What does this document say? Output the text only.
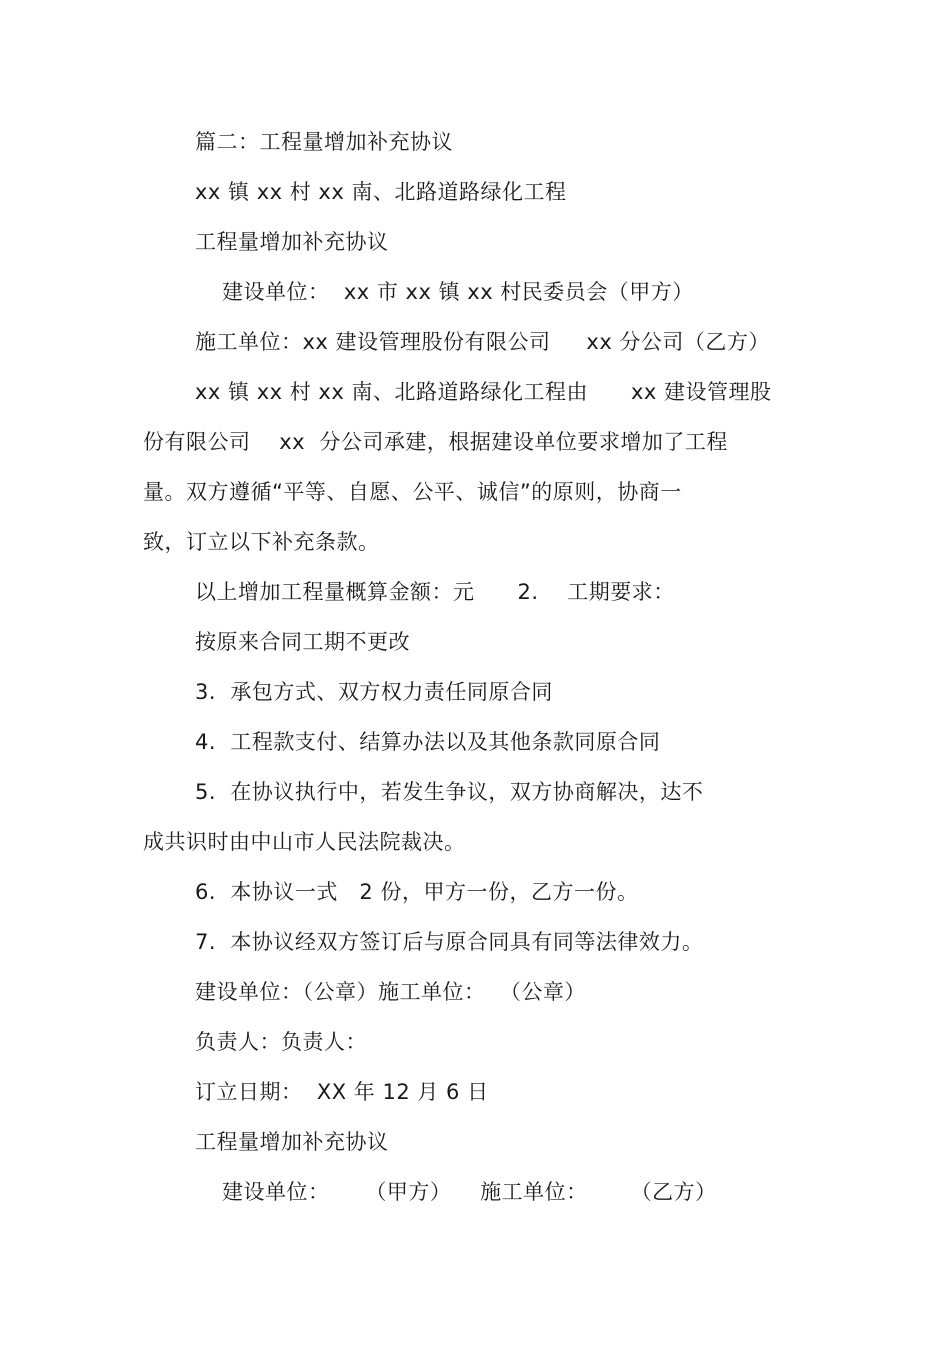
篇二：工程量增加补充协议
xx 镇 xx 村 xx 南、北路道路绿化工程
工程量增加补充协议
建设单位：  xx 市 xx 镇 xx 村民委员会（甲方）
施工单位：xx 建设管理股份有限公司     xx 分公司（乙方）
xx 镇 xx 村 xx 南、北路道路绿化工程由      xx 建设管理股
份有限公司    xx  分公司承建，根据建设单位要求增加了工程
量。双方遵循“平等、自愿、公平、诚信”的原则，协商一
致，订立以下补充条款。
以上增加工程量概算金额：元      2.    工期要求：
按原来合同工期不更改
3.  承包方式、双方权力责任同原合同
4.  工程款支付、结算办法以及其他条款同原合同
5.  在协议执行中，若发生争议，双方协商解决，达不
成共识时由中山市人民法院裁决。
6.  本协议一式   2 份，甲方一份，乙方一份。
7.  本协议经双方签订后与原合同具有同等法律效力。
建设单位：（公章）施工单位：  （公章）
负责人：负责人：
订立日期：  XX 年 12 月 6 日
工程量增加补充协议
建设单位：     （甲方）    施工单位：      （乙方）
